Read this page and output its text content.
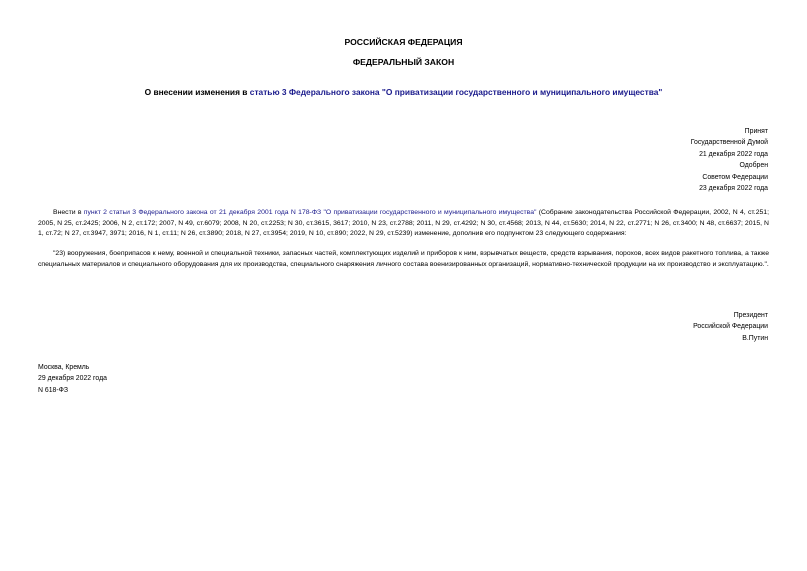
РОССИЙСКАЯ ФЕДЕРАЦИЯ
ФЕДЕРАЛЬНЫЙ ЗАКОН
О внесении изменения в статью 3 Федерального закона "О приватизации государственного и муниципального имущества"
Принят
Государственной Думой
21 декабря 2022 года
Одобрен
Советом Федерации
23 декабря 2022 года
Внести в пункт 2 статьи 3 Федерального закона от 21 декабря 2001 года N 178-ФЗ "О приватизации государственного и муниципального имущества" (Собрание законодательства Российской Федерации, 2002, N 4, ст.251; 2005, N 25, ст.2425; 2006, N 2, ст.172; 2007, N 49, ст.6079; 2008, N 20, ст.2253; N 30, ст.3615, 3617; 2010, N 23, ст.2788; 2011, N 29, ст.4292; N 30, ст.4568; 2013, N 44, ст.5630; 2014, N 22, ст.2771; N 26, ст.3400; N 48, ст.6637; 2015, N 1, ст.72; N 27, ст.3947, 3971; 2016, N 1, ст.11; N 26, ст.3890; 2018, N 27, ст.3954; 2019, N 10, ст.890; 2022, N 29, ст.5239) изменение, дополнив его подпунктом 23 следующего содержания:
"23) вооружения, боеприпасов к нему, военной и специальной техники, запасных частей, комплектующих изделий и приборов к ним, взрывчатых веществ, средств взрывания, порохов, всех видов ракетного топлива, а также специальных материалов и специального оборудования для их производства, специального снаряжения личного состава военизированных организаций, нормативно-технической продукции на их производство и эксплуатацию.".
Президент
Российской Федерации
В.Путин
Москва, Кремль
29 декабря 2022 года
N 618-ФЗ
